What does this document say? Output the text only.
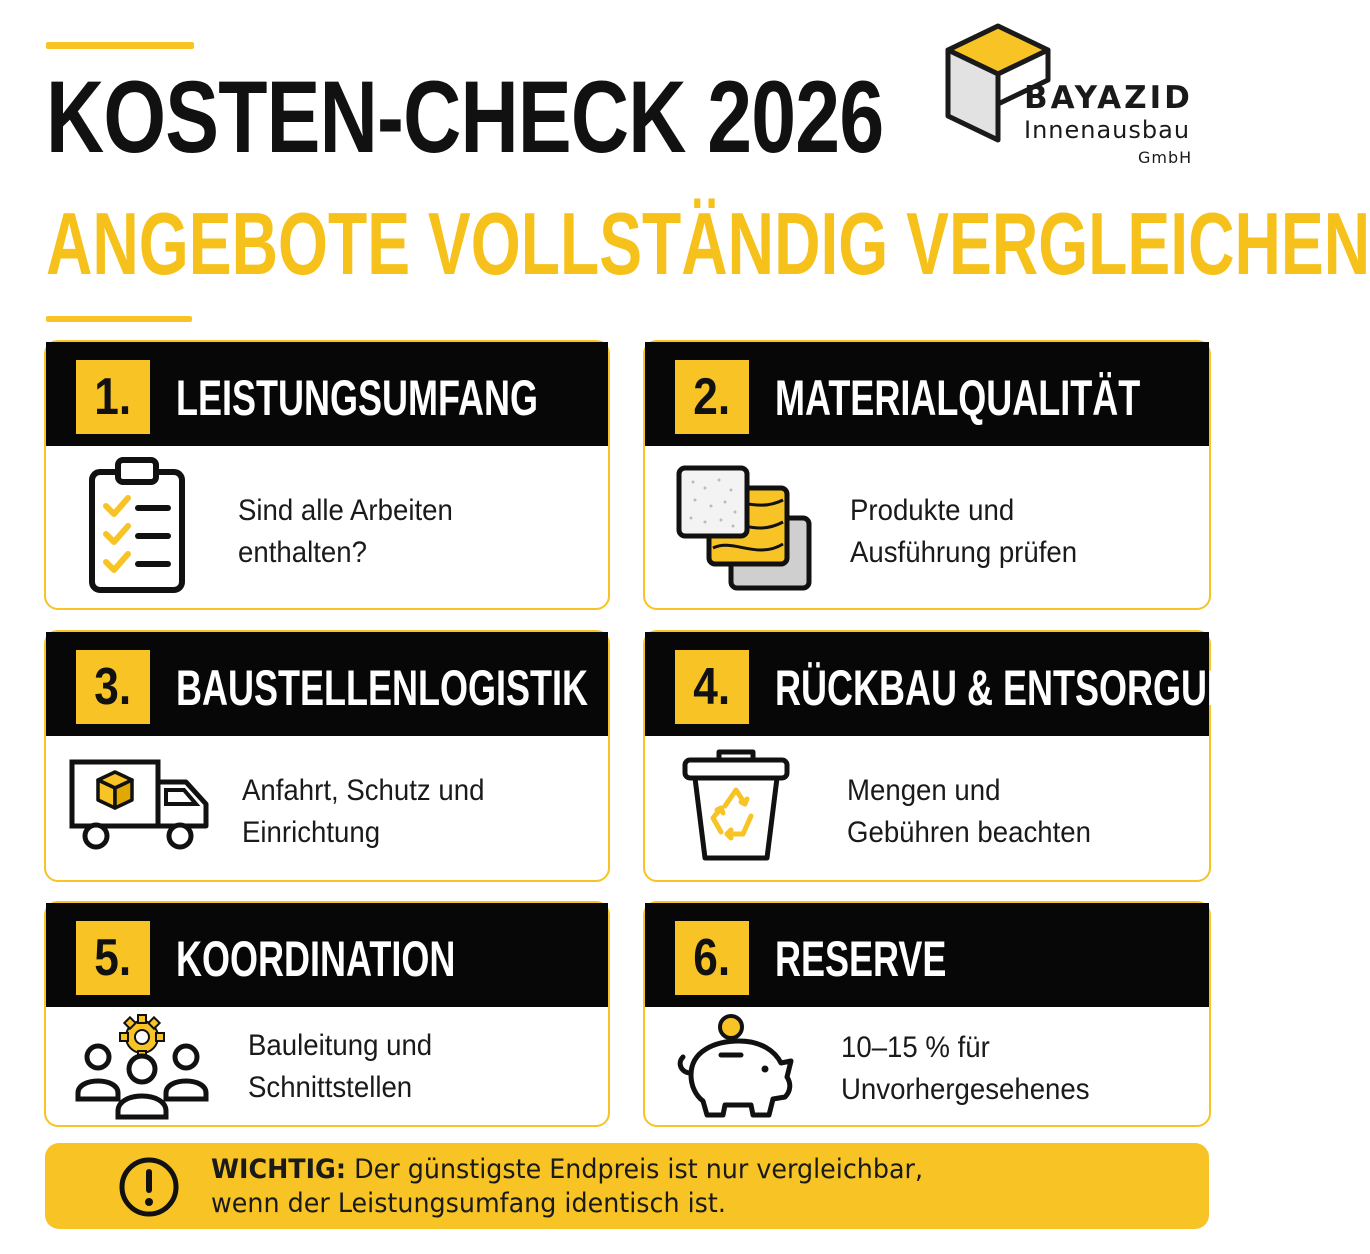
KOSTEN-CHECK 2026
ANGEBOTE VOLLSTÄNDIG VERGLEICHEN
BAYAZID
Innenausbau
GmbH
1. LEISTUNGSUMFANG
Sind alle Arbeiten
enthalten?
2. MATERIALQUALITÄT
Produkte und
Ausführung prüfen
3. BAUSTELLENLOGISTIK
Anfahrt, Schutz und
Einrichtung
4. RÜCKBAU & ENTSORGUNG
Mengen und
Gebühren beachten
5. KOORDINATION
Bauleitung und
Schnittstellen
6. RESERVE
10–15 % für
Unvorhergesehenes
WICHTIG: Der günstigste Endpreis ist nur vergleichbar,
wenn der Leistungsumfang identisch ist.
